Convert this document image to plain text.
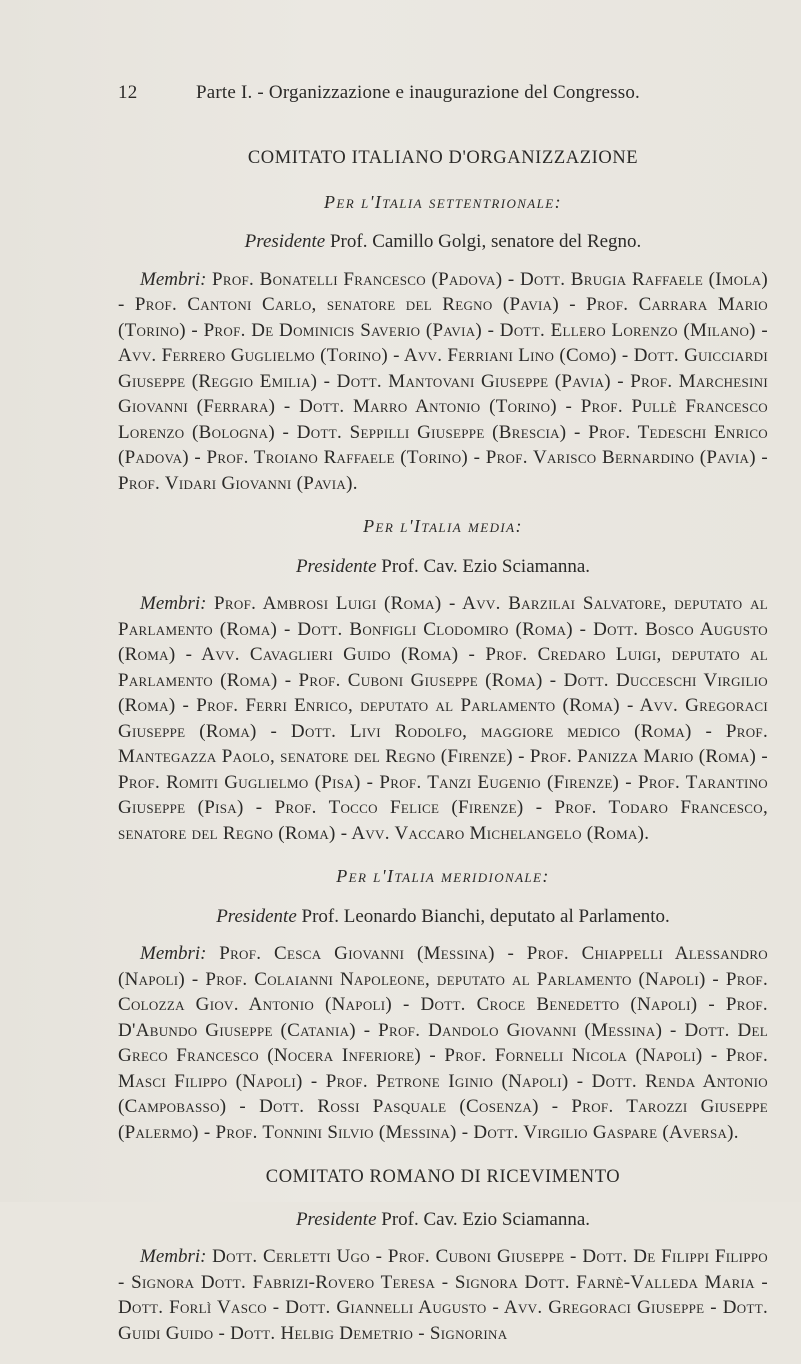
12	Parte I. - Organizzazione e inaugurazione del Congresso.
COMITATO ITALIANO D'ORGANIZZAZIONE
Per l'Italia settentrionale:
Presidente Prof. Camillo Golgi, senatore del Regno.

Membri: Prof. Bonatelli Francesco (Padova) - Dott. Brugia Raffaele (Imola) - Prof. Cantoni Carlo, senatore del Regno (Pavia) - Prof. Carrara Mario (Torino) - Prof. De Dominicis Saverio (Pavia) - Dott. Ellero Lorenzo (Milano) - Avv. Ferrero Guglielmo (Torino) - Avv. Ferriani Lino (Como) - Dott. Guicciardi Giuseppe (Reggio Emilia) - Dott. Mantovani Giuseppe (Pavia) - Prof. Marchesini Giovanni (Ferrara) - Dott. Marro Antonio (Torino) - Prof. Pullè Francesco Lorenzo (Bologna) - Dott. Seppilli Giuseppe (Brescia) - Prof. Tedeschi Enrico (Padova) - Prof. Troiano Raffaele (Torino) - Prof. Varisco Bernardino (Pavia) - Prof. Vidari Giovanni (Pavia).

Per l'Italia media:
Presidente Prof. Cav. Ezio Sciamanna.

Membri: Prof. Ambrosi Luigi (Roma) - Avv. Barzilai Salvatore, deputato al Parlamento (Roma) - Dott. Bonfigli Clodomiro (Roma) - Dott. Bosco Augusto (Roma) - Avv. Cavaglieri Guido (Roma) - Prof. Credaro Luigi, deputato al Parlamento (Roma) - Prof. Cuboni Giuseppe (Roma) - Dott. Ducceschi Virgilio (Roma) - Prof. Ferri Enrico, deputato al Parlamento (Roma) - Avv. Gregoraci Giuseppe (Roma) - Dott. Livi Rodolfo, maggiore medico (Roma) - Prof. Mantegazza Paolo, senatore del Regno (Firenze) - Prof. Panizza Mario (Roma) - Prof. Romiti Guglielmo (Pisa) - Prof. Tanzi Eugenio (Firenze) - Prof. Tarantino Giuseppe (Pisa) - Prof. Tocco Felice (Firenze) - Prof. Todaro Francesco, senatore del Regno (Roma) - Avv. Vaccaro Michelangelo (Roma).

Per l'Italia meridionale:
Presidente Prof. Leonardo Bianchi, deputato al Parlamento.

Membri: Prof. Cesca Giovanni (Messina) - Prof. Chiappelli Alessandro (Napoli) - Prof. Colaianni Napoleone, deputato al Parlamento (Napoli) - Prof. Colozza Giov. Antonio (Napoli) - Dott. Croce Benedetto (Napoli) - Prof. D'Abundo Giuseppe (Catania) - Prof. Dandolo Giovanni (Messina) - Dott. Del Greco Francesco (Nocera Inferiore) - Prof. Fornelli Nicola (Napoli) - Prof. Masci Filippo (Napoli) - Prof. Petrone Iginio (Napoli) - Dott. Renda Antonio (Campobasso) - Dott. Rossi Pasquale (Cosenza) - Prof. Tarozzi Giuseppe (Palermo) - Prof. Tonnini Silvio (Messina) - Dott. Virgilio Gaspare (Aversa).

COMITATO ROMANO DI RICEVIMENTO
Presidente Prof. Cav. Ezio Sciamanna.

Membri: Dott. Cerletti Ugo - Prof. Cuboni Giuseppe - Dott. De Filippi Filippo - Signora Dott. Fabrizi-Rovero Teresa - Signora Dott. Farnè-Valleda Maria - Dott. Forlì Vasco - Dott. Giannelli Augusto - Avv. Gregoraci Giuseppe - Dott. Guidi Guido - Dott. Helbig Demetrio - Signorina
